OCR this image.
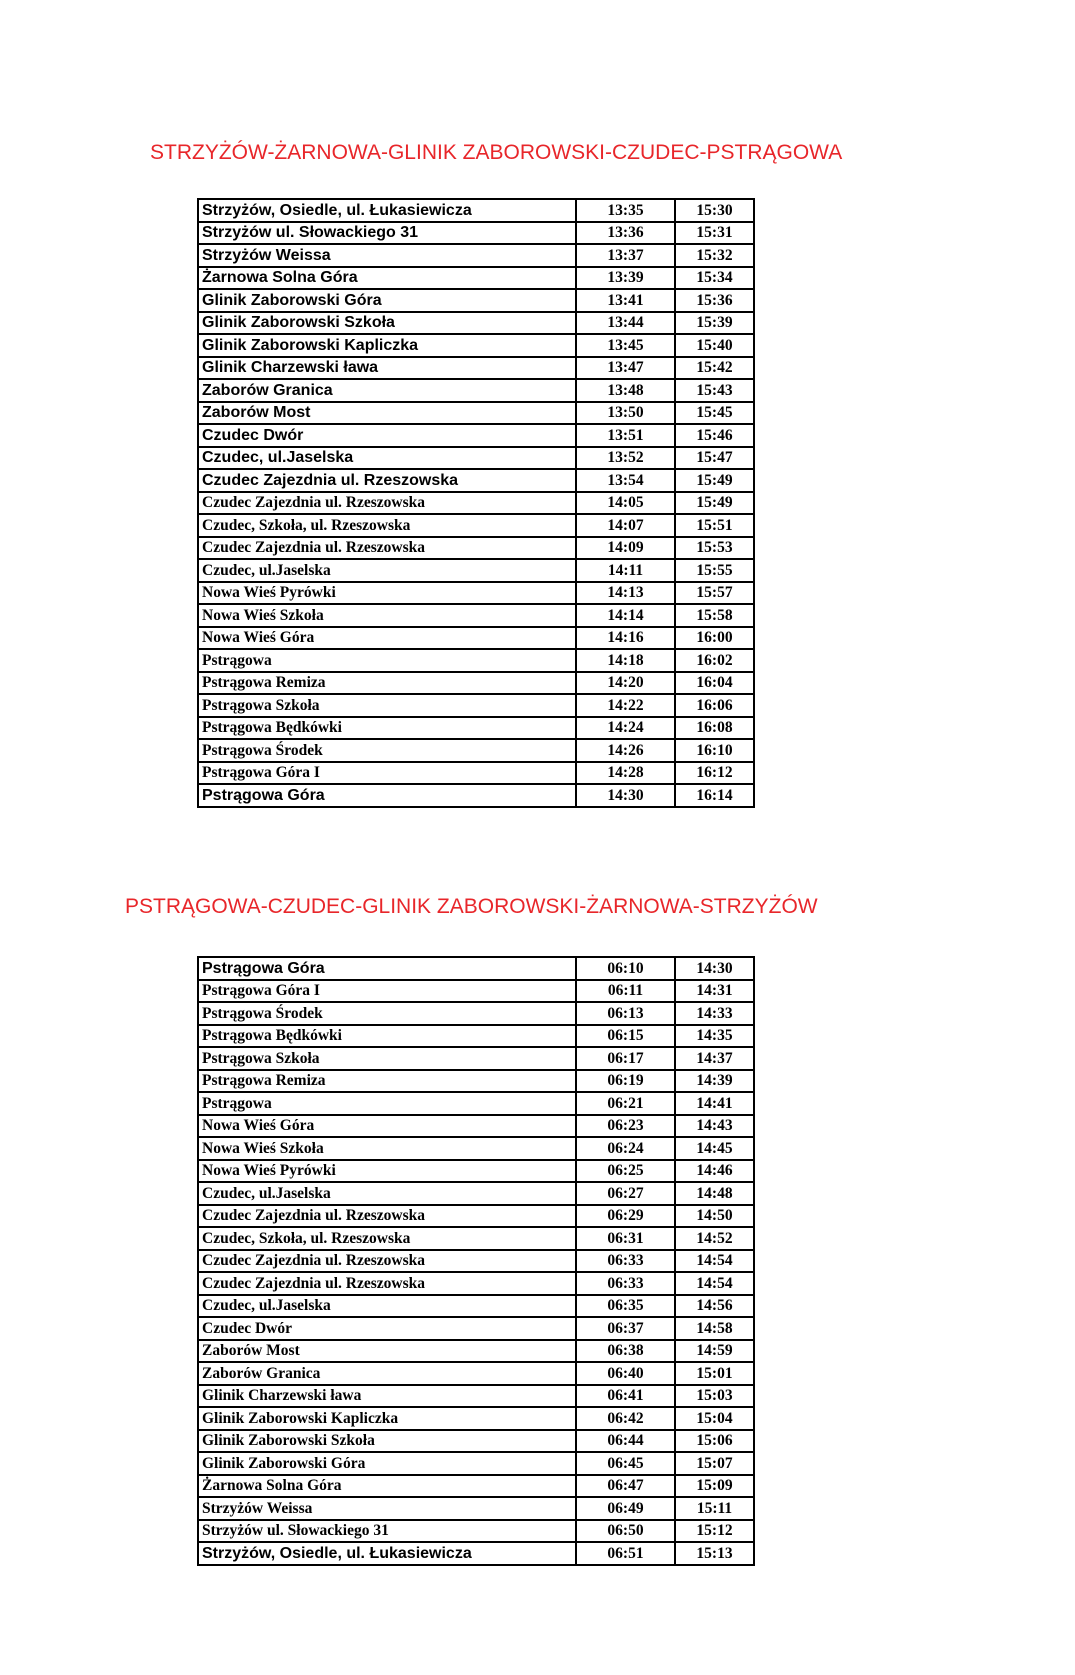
STRZYŻÓW-ŻARNOWA-GLINIK ZABOROWSKI-CZUDEC-PSTRĄGOWA
Strzyżów, Osiedle, ul. Łukasiewicza	13:35	15:30
Strzyżów ul. Słowackiego 31	13:36	15:31
Strzyżów Weissa	13:37	15:32
Żarnowa Solna Góra	13:39	15:34
Glinik Zaborowski Góra	13:41	15:36
Glinik Zaborowski Szkoła	13:44	15:39
Glinik Zaborowski Kapliczka	13:45	15:40
Glinik Charzewski ława	13:47	15:42
Zaborów Granica	13:48	15:43
Zaborów Most	13:50	15:45
Czudec Dwór	13:51	15:46
Czudec, ul.Jaselska	13:52	15:47
Czudec Zajezdnia ul. Rzeszowska	13:54	15:49
Czudec Zajezdnia ul. Rzeszowska	14:05	15:49
Czudec, Szkoła, ul. Rzeszowska	14:07	15:51
Czudec Zajezdnia ul. Rzeszowska	14:09	15:53
Czudec, ul.Jaselska	14:11	15:55
Nowa Wieś Pyrówki	14:13	15:57
Nowa Wieś Szkoła	14:14	15:58
Nowa Wieś Góra	14:16	16:00
Pstrągowa	14:18	16:02
Pstrągowa Remiza	14:20	16:04
Pstrągowa Szkoła	14:22	16:06
Pstrągowa Będkówki	14:24	16:08
Pstrągowa Środek	14:26	16:10
Pstrągowa Góra I	14:28	16:12
Pstrągowa Góra	14:30	16:14
PSTRĄGOWA-CZUDEC-GLINIK ZABOROWSKI-ŻARNOWA-STRZYŻÓW
Pstrągowa Góra	06:10	14:30
Pstrągowa Góra I	06:11	14:31
Pstrągowa Środek	06:13	14:33
Pstrągowa Będkówki	06:15	14:35
Pstrągowa Szkoła	06:17	14:37
Pstrągowa Remiza	06:19	14:39
Pstrągowa	06:21	14:41
Nowa Wieś Góra	06:23	14:43
Nowa Wieś Szkoła	06:24	14:45
Nowa Wieś Pyrówki	06:25	14:46
Czudec, ul.Jaselska	06:27	14:48
Czudec Zajezdnia ul. Rzeszowska	06:29	14:50
Czudec, Szkoła, ul. Rzeszowska	06:31	14:52
Czudec Zajezdnia ul. Rzeszowska	06:33	14:54
Czudec Zajezdnia ul. Rzeszowska	06:33	14:54
Czudec, ul.Jaselska	06:35	14:56
Czudec Dwór	06:37	14:58
Zaborów Most	06:38	14:59
Zaborów Granica	06:40	15:01
Glinik Charzewski ława	06:41	15:03
Glinik Zaborowski Kapliczka	06:42	15:04
Glinik Zaborowski Szkoła	06:44	15:06
Glinik Zaborowski Góra	06:45	15:07
Żarnowa Solna Góra	06:47	15:09
Strzyżów Weissa	06:49	15:11
Strzyżów ul. Słowackiego 31	06:50	15:12
Strzyżów, Osiedle, ul. Łukasiewicza	06:51	15:13
